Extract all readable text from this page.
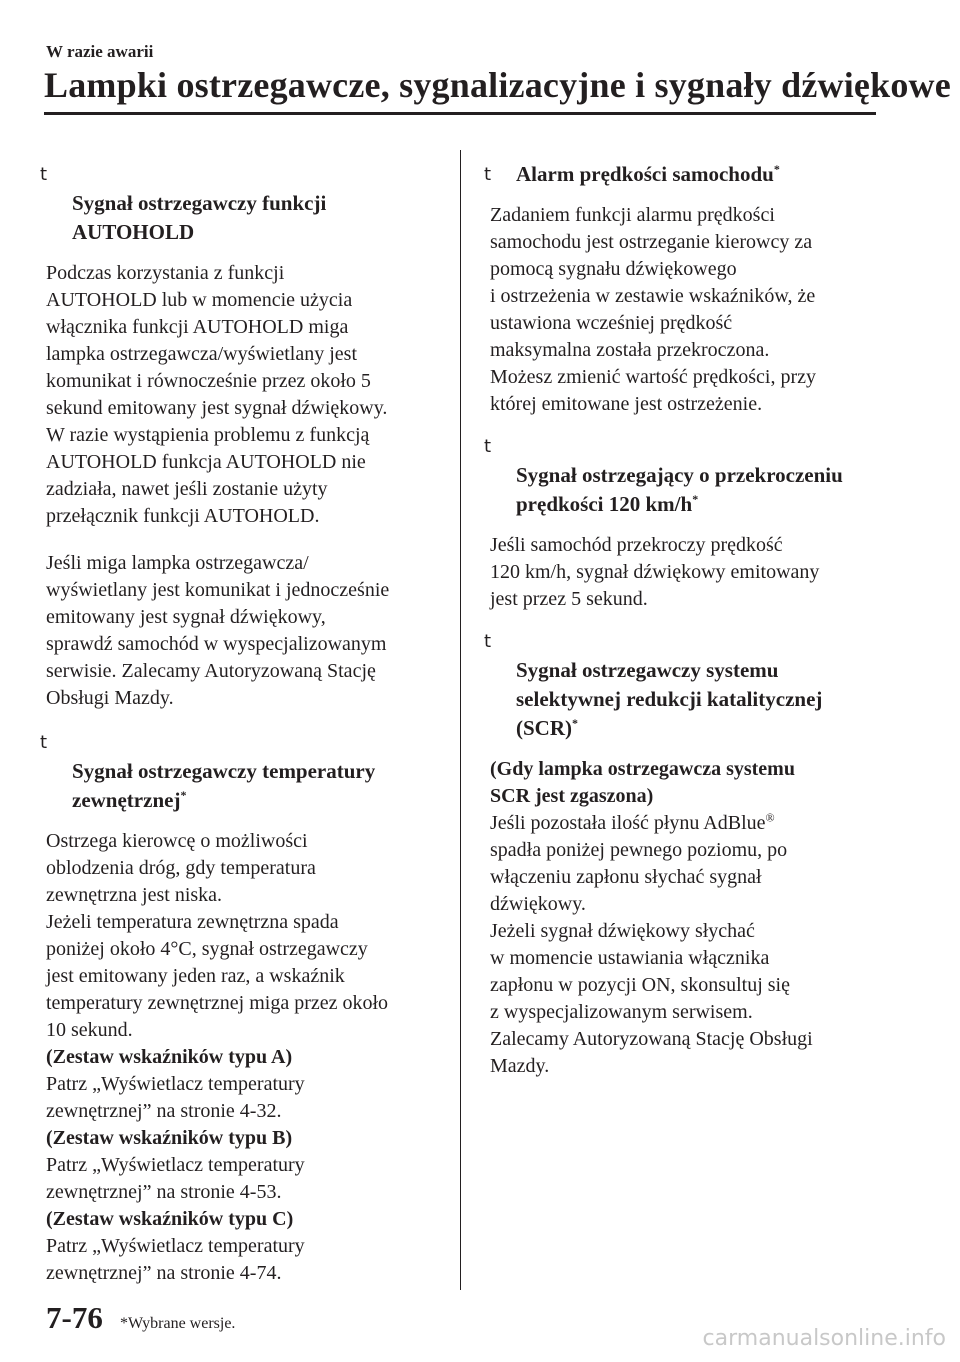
W razie awarii
Lampki ostrzegawcze, sygnalizacyjne i sygnały dźwiękowe

t
Sygnał ostrzegawczy funkcji
AUTOHOLD

Podczas korzystania z funkcji
AUTOHOLD lub w momencie użycia
włącznika funkcji AUTOHOLD miga
lampka ostrzegawcza/wyświetlany jest
komunikat i równocześnie przez około 5
sekund emitowany jest sygnał dźwiękowy.
W razie wystąpienia problemu z funkcją
AUTOHOLD funkcja AUTOHOLD nie
zadziała, nawet jeśli zostanie użyty
przełącznik funkcji AUTOHOLD.

Jeśli miga lampka ostrzegawcza/
wyświetlany jest komunikat i jednocześnie
emitowany jest sygnał dźwiękowy,
sprawdź samochód w wyspecjalizowanym
serwisie. Zalecamy Autoryzowaną Stację
Obsługi Mazdy.

t
Sygnał ostrzegawczy temperatury
zewnętrznej*

Ostrzega kierowcę o możliwości
oblodzenia dróg, gdy temperatura
zewnętrzna jest niska.
Jeżeli temperatura zewnętrzna spada
poniżej około 4°C, sygnał ostrzegawczy
jest emitowany jeden raz, a wskaźnik
temperatury zewnętrznej miga przez około
10 sekund.

(Zestaw wskaźników typu A)

Patrz „Wyświetlacz temperatury
zewnętrznej” na stronie 4-32.

(Zestaw wskaźników typu B)

Patrz „Wyświetlacz temperatury
zewnętrznej” na stronie 4-53.

(Zestaw wskaźników typu C)

Patrz „Wyświetlacz temperatury
zewnętrznej” na stronie 4-74.

t Alarm prędkości samochodu*

Zadaniem funkcji alarmu prędkości
samochodu jest ostrzeganie kierowcy za
pomocą sygnału dźwiękowego
i ostrzeżenia w zestawie wskaźników, że
ustawiona wcześniej prędkość
maksymalna została przekroczona.
Możesz zmienić wartość prędkości, przy
której emitowane jest ostrzeżenie.

t
Sygnał ostrzegający o przekroczeniu
prędkości 120 km/h*

Jeśli samochód przekroczy prędkość
120 km/h, sygnał dźwiękowy emitowany
jest przez 5 sekund.

t
Sygnał ostrzegawczy systemu
selektywnej redukcji katalitycznej
(SCR)*

(Gdy lampka ostrzegawcza systemu
SCR jest zgaszona)

Jeśli pozostała ilość płynu AdBlue®
spadła poniżej pewnego poziomu, po
włączeniu zapłonu słychać sygnał
dźwiękowy.
Jeżeli sygnał dźwiękowy słychać
w momencie ustawiania włącznika
zapłonu w pozycji ON, skonsultuj się
z wyspecjalizowanym serwisem.
Zalecamy Autoryzowaną Stację Obsługi
Mazdy.

7-76 *Wybrane wersje.
carmanualsonline.info
